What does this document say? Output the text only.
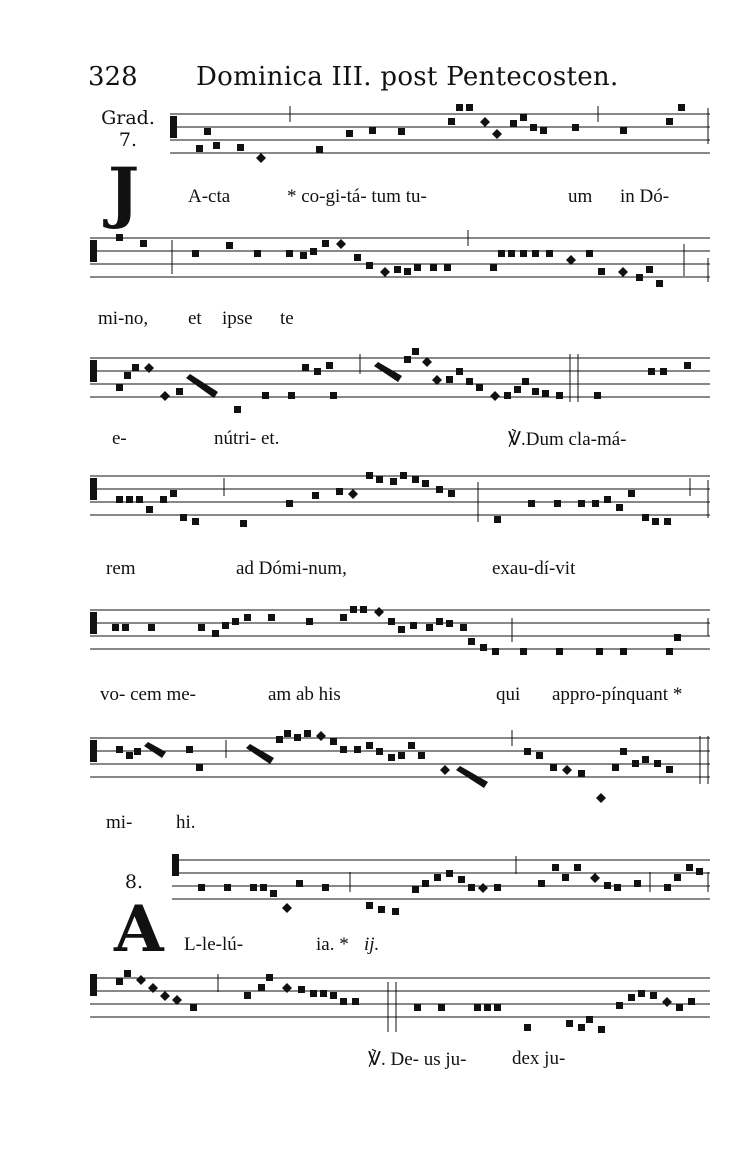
328 Dominica III. post Pentecosten.
Grad.
7.
J	A-cta	* co-gi-tá- tum tu-	um in Dó-
mi-no, et ipse te
e-	nútri- et.	℣.Dum cla-má-
rem	ad Dómi-num,	exau-dí-vit
vo- cem me-	am ab his	qui appro-pínquant *
mi- hi.
8.
A L-le-lú-	ia. * ij.
℣. De- us ju- dex ju-
